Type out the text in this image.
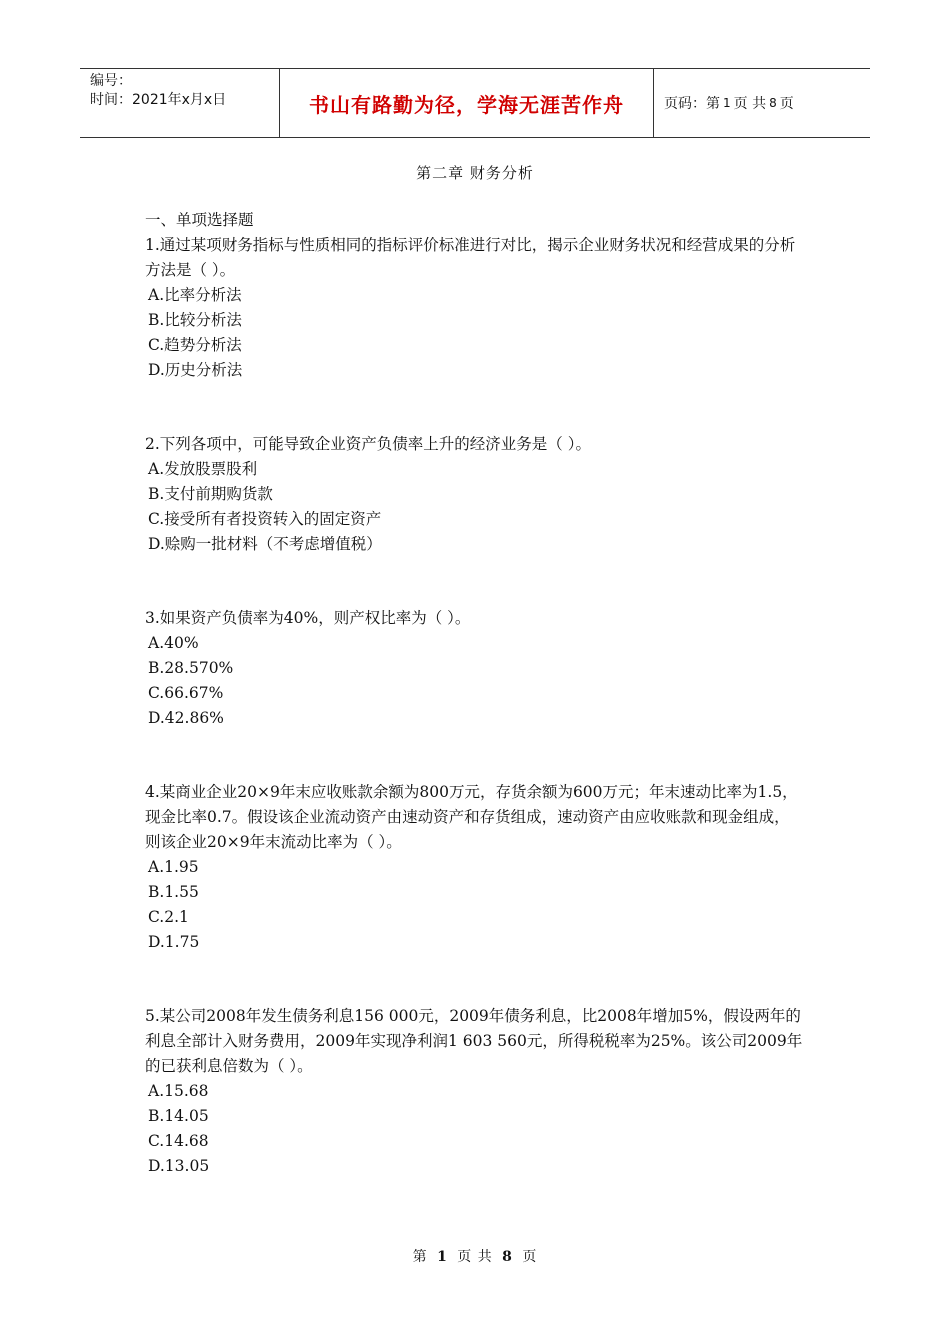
编号：
时间：2021年x月x日	书山有路勤为径，学海无涯苦作舟	页码：第 1 页 共 8 页
第二章 财务分析
一、单项选择题
1.通过某项财务指标与性质相同的指标评价标准进行对比，揭示企业财务状况和经营成果的分析方法是（ ）。
A.比率分析法
B.比较分析法
C.趋势分析法
D.历史分析法
2.下列各项中，可能导致企业资产负债率上升的经济业务是（ ）。
A.发放股票股利
B.支付前期购货款
C.接受所有者投资转入的固定资产
D.赊购一批材料（不考虑增值税）
3.如果资产负债率为40%，则产权比率为（ ）。
A.40%
B.28.570%
C.66.67%
D.42.86%
4.某商业企业20×9年末应收账款余额为800万元，存货余额为600万元；年末速动比率为1.5，现金比率0.7。假设该企业流动资产由速动资产和存货组成，速动资产由应收账款和现金组成，则该企业20×9年末流动比率为（ ）。
A.1.95
B.1.55
C.2.1
D.1.75
5.某公司2008年发生债务利息156 000元，2009年债务利息，比2008年增加5%，假设两年的利息全部计入财务费用，2009年实现净利润1 603 560元，所得税税率为25%。该公司2009年的已获利息倍数为（ ）。
A.15.68
B.14.05
C.14.68
D.13.05
第 1 页 共 8 页
